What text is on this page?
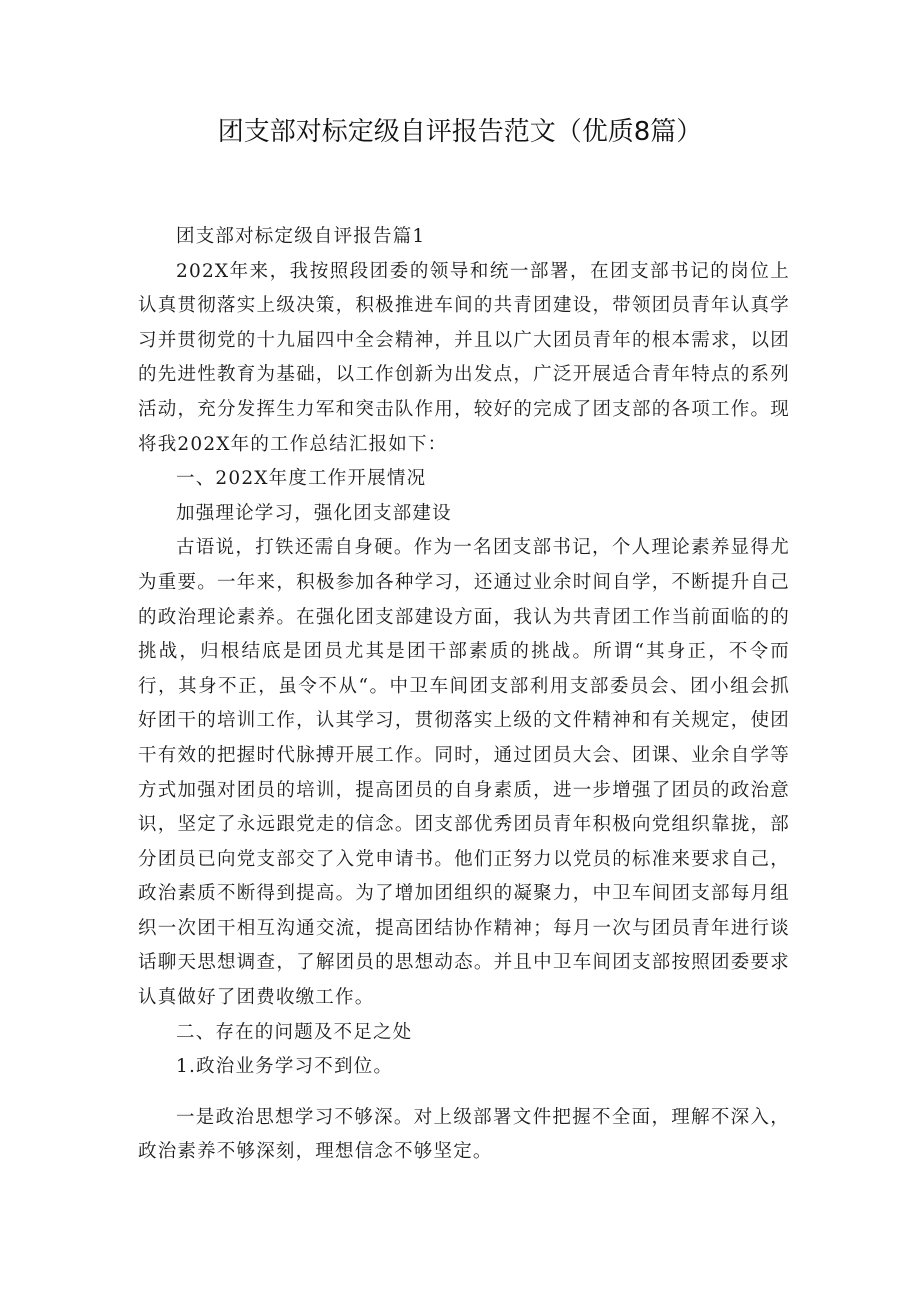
团支部对标定级自评报告范文（优质8篇）

团支部对标定级自评报告篇1

202X年来，我按照段团委的领导和统一部署，在团支部书记的岗位上认真贯彻落实上级决策，积极推进车间的共青团建设，带领团员青年认真学习并贯彻党的十九届四中全会精神，并且以广大团员青年的根本需求，以团的先进性教育为基础，以工作创新为出发点，广泛开展适合青年特点的系列活动，充分发挥生力军和突击队作用，较好的完成了团支部的各项工作。现将我202X年的工作总结汇报如下：

一、202X年度工作开展情况

加强理论学习，强化团支部建设

古语说，打铁还需自身硬。作为一名团支部书记，个人理论素养显得尤为重要。一年来，积极参加各种学习，还通过业余时间自学，不断提升自己的政治理论素养。在强化团支部建设方面，我认为共青团工作当前面临的的挑战，归根结底是团员尤其是团干部素质的挑战。所谓“其身正，不令而行，其身不正，虽令不从“。中卫车间团支部利用支部委员会、团小组会抓好团干的培训工作，认其学习，贯彻落实上级的文件精神和有关规定，使团干有效的把握时代脉搏开展工作。同时，通过团员大会、团课、业余自学等方式加强对团员的培训，提高团员的自身素质，进一步增强了团员的政治意识，坚定了永远跟党走的信念。团支部优秀团员青年积极向党组织靠拢，部分团员已向党支部交了入党申请书。他们正努力以党员的标准来要求自己，政治素质不断得到提高。为了增加团组织的凝聚力，中卫车间团支部每月组织一次团干相互沟通交流，提高团结协作精神；每月一次与团员青年进行谈话聊天思想调查，了解团员的思想动态。并且中卫车间团支部按照团委要求认真做好了团费收缴工作。

二、存在的问题及不足之处

1.政治业务学习不到位。

一是政治思想学习不够深。对上级部署文件把握不全面，理解不深入，政治素养不够深刻，理想信念不够坚定。
